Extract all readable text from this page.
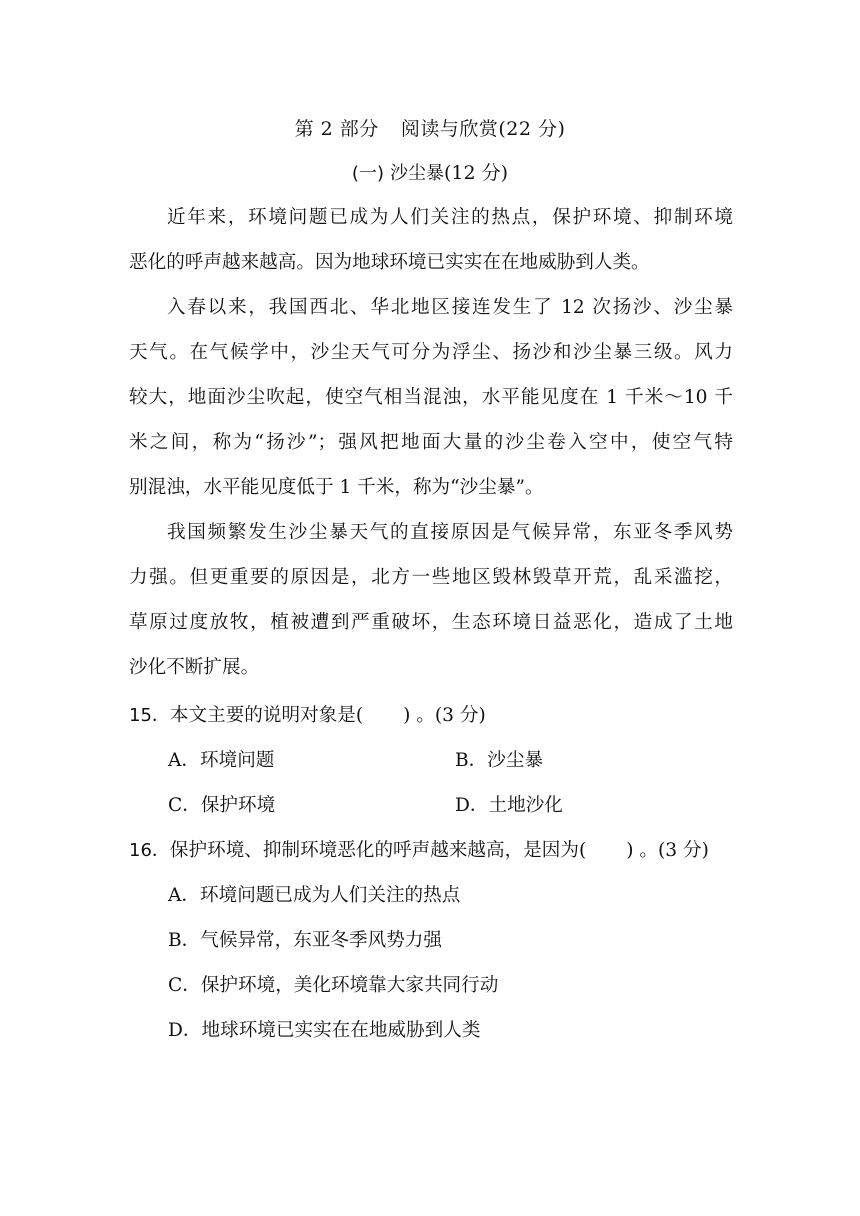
第 2 部分 阅读与欣赏(22 分)
(一) 沙尘暴(12 分)
近年来，环境问题已成为人们关注的热点，保护环境、抑制环境
恶化的呼声越来越高。因为地球环境已实实在在地威胁到人类。
入春以来，我国西北、华北地区接连发生了 12 次扬沙、沙尘暴
天气。在气候学中，沙尘天气可分为浮尘、扬沙和沙尘暴三级。风力
较大，地面沙尘吹起，使空气相当混浊，水平能见度在 1 千米～10 千
米之间，称为“扬沙”；强风把地面大量的沙尘卷入空中，使空气特
别混浊，水平能见度低于 1 千米，称为“沙尘暴”。
我国频繁发生沙尘暴天气的直接原因是气候异常，东亚冬季风势
力强。但更重要的原因是，北方一些地区毁林毁草开荒，乱采滥挖，
草原过度放牧，植被遭到严重破坏，生态环境日益恶化，造成了土地
沙化不断扩展。
15．本文主要的说明对象是( ) 。(3 分)
A．环境问题	B．沙尘暴
C．保护环境	D．土地沙化
16．保护环境、抑制环境恶化的呼声越来越高，是因为( ) 。(3 分)
A．环境问题已成为人们关注的热点
B．气候异常，东亚冬季风势力强
C．保护环境，美化环境靠大家共同行动
D．地球环境已实实在在地威胁到人类
